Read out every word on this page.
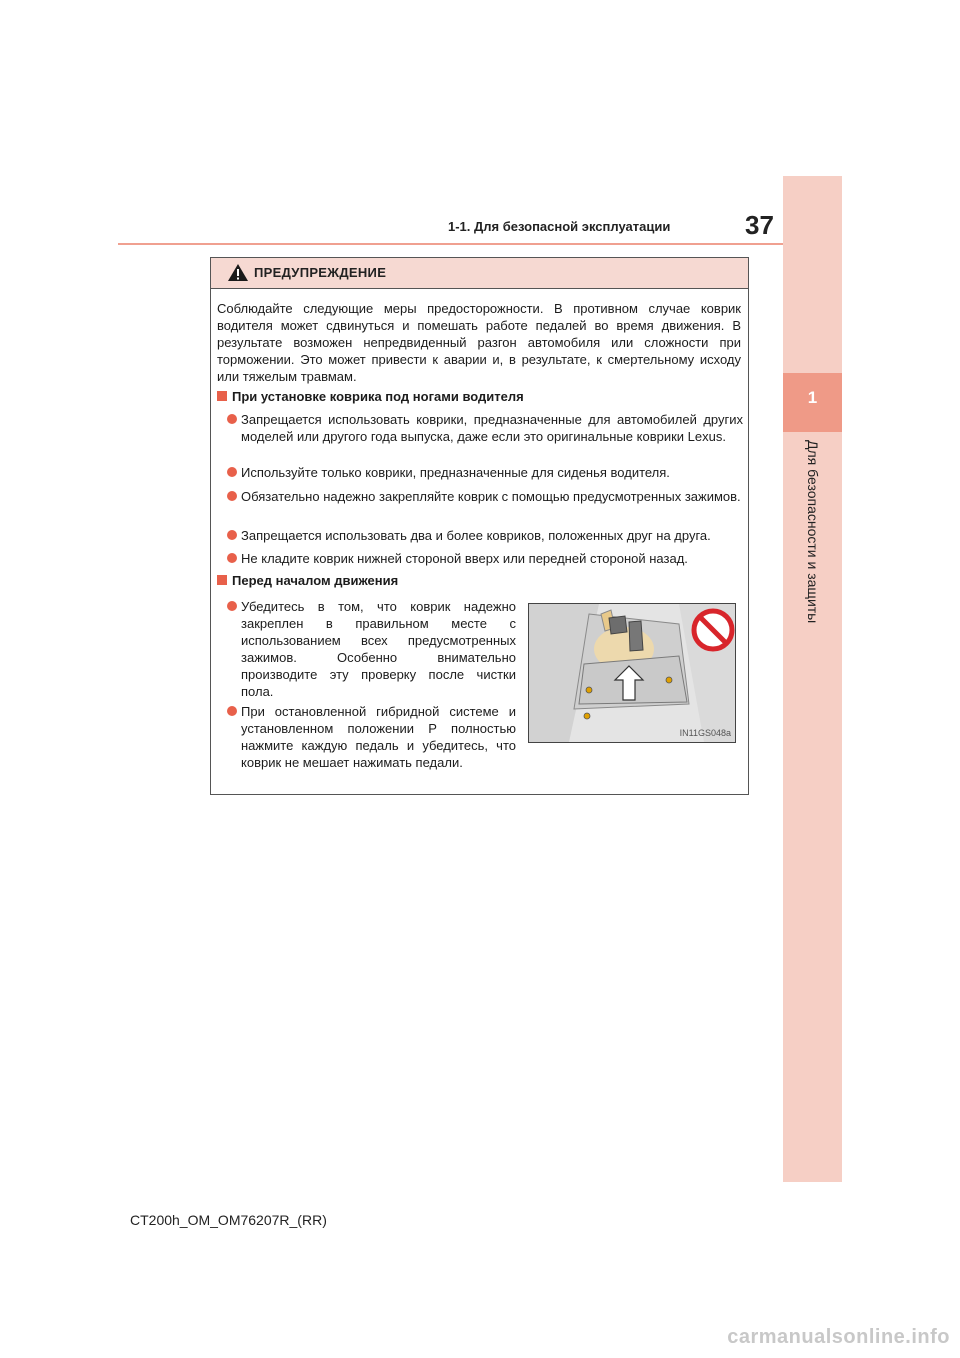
1
Для безопасности и защиты
1-1. Для безопасной эксплуатации	37
ПРЕДУПРЕЖДЕНИЕ
Соблюдайте следующие меры предосторожности. В противном случае коврик водителя может сдвинуться и помешать работе педалей во время движения. В результате возможен непредвиденный разгон автомобиля или сложности при торможении. Это может привести к аварии и, в результате, к смертельному исходу или тяжелым травмам.
При установке коврика под ногами водителя
Запрещается использовать коврики, предназначенные для автомобилей других моделей или другого года выпуска, даже если это оригинальные коврики Lexus.
Используйте только коврики, предназначенные для сиденья водителя.
Обязательно надежно закрепляйте коврик с помощью предусмотренных зажимов.
Запрещается использовать два и более ковриков, положенных друг на друга.
Не кладите коврик нижней стороной вверх или передней стороной назад.
Перед началом движения
Убедитесь в том, что коврик надежно закреплен в правильном месте с использованием всех предусмотренных зажимов. Особенно внимательно производите эту проверку после чистки пола.
При остановленной гибридной системе и установленном положении P полностью нажмите каждую педаль и убедитесь, что коврик не мешает нажимать педали.
IN11GS048a
CT200h_OM_OM76207R_(RR)
carmanualsonline.info
